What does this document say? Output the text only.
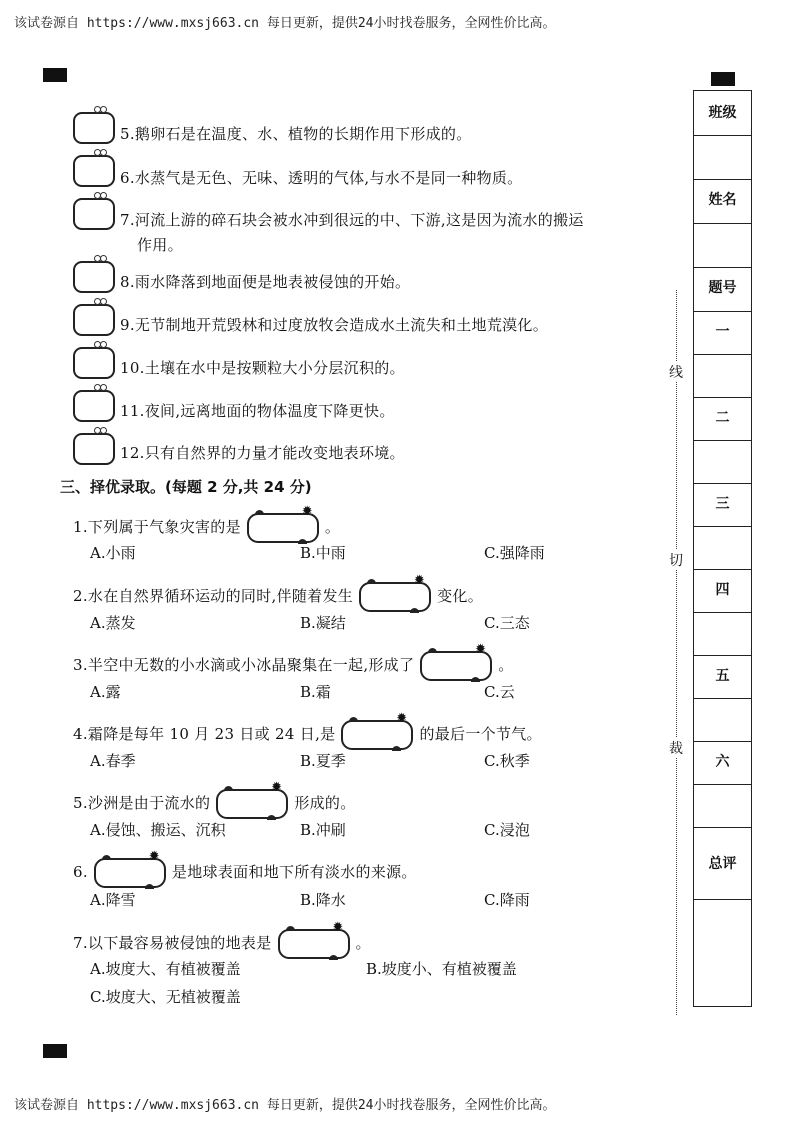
该试卷源自 https://www.mxsj663.cn 每日更新，提供24小时找卷服务，全网性价比高。
该试卷源自 https://www.mxsj663.cn 每日更新，提供24小时找卷服务，全网性价比高。
5.鹅卵石是在温度、水、植物的长期作用下形成的。
6.水蒸气是无色、无味、透明的气体,与水不是同一种物质。
7.河流上游的碎石块会被水冲到很远的中、下游,这是因为流水的搬运
作用。
8.雨水降落到地面便是地表被侵蚀的开始。
9.无节制地开荒毁林和过度放牧会造成水土流失和土地荒漠化。
10.土壤在水中是按颗粒大小分层沉积的。
11.夜间,远离地面的物体温度下降更快。
12.只有自然界的力量才能改变地表环境。
三、择优录取。(每题 2 分,共 24 分)
1.下列属于气象灾害的是
✹
。
A.小雨	B.中雨	C.强降雨
2.水在自然界循环运动的同时,伴随着发生
✹
变化。
A.蒸发	B.凝结	C.三态
3.半空中无数的小水滴或小冰晶聚集在一起,形成了
✹
。
A.露	B.霜	C.云
4.霜降是每年 10 月 23 日或 24 日,是
✹
的最后一个节气。
A.春季	B.夏季	C.秋季
5.沙洲是由于流水的
✹
形成的。
A.侵蚀、搬运、沉积	B.冲刷	C.浸泡
6.
✹
是地球表面和地下所有淡水的来源。
A.降雪	B.降水	C.降雨
7.以下最容易被侵蚀的地表是
✹
。
A.坡度大、有植被覆盖	B.坡度小、有植被覆盖
C.坡度大、无植被覆盖
线
切
裁
班级
姓名
题号
一
二
三
四
五
六
总评
